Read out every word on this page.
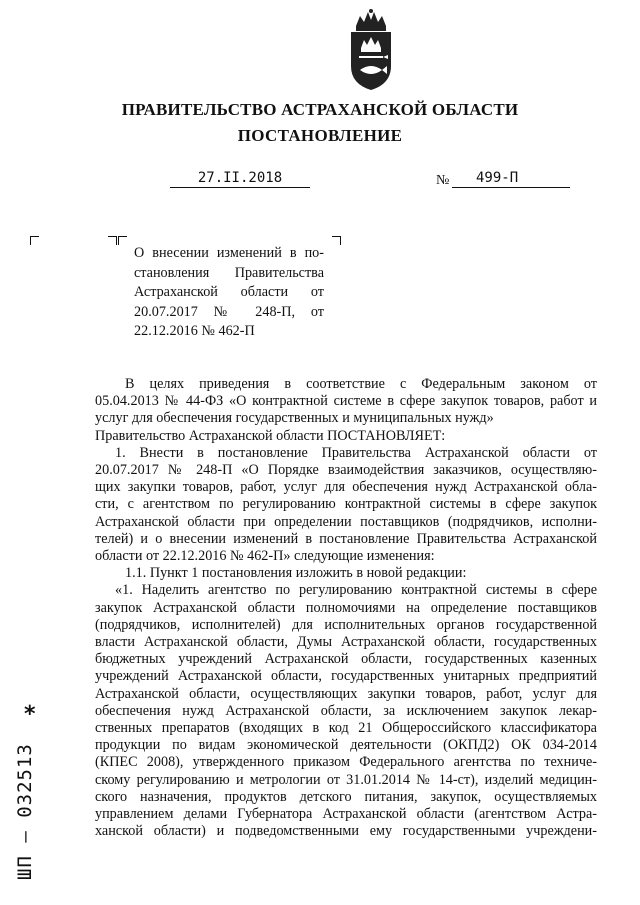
ПРАВИТЕЛЬСТВО АСТРАХАНСКОЙ ОБЛАСТИ
ПОСТАНОВЛЕНИЕ
27.II.2018	№	499-П
О внесении изменений в по-
становления Правительства
Астраханской области от
20.07.2017 № 248-П, от
22.12.2016 № 462-П
В целях приведения в соответствие с Федеральным законом от
05.04.2013 № 44-ФЗ «О контрактной системе в сфере закупок товаров, работ и
услуг для обеспечения государственных и муниципальных нужд»
Правительство Астраханской области ПОСТАНОВЛЯЕТ:
1. Внести в постановление Правительства Астраханской области от
20.07.2017 № 248-П «О Порядке взаимодействия заказчиков, осуществляю-
щих закупки товаров, работ, услуг для обеспечения нужд Астраханской обла-
сти, с агентством по регулированию контрактной системы в сфере закупок
Астраханской области при определении поставщиков (подрядчиков, исполни-
телей) и о внесении изменений в постановление Правительства Астраханской
области от 22.12.2016 № 462-П» следующие изменения:
1.1. Пункт 1 постановления изложить в новой редакции:
«1. Наделить агентство по регулированию контрактной системы в сфере
закупок Астраханской области полномочиями на определение поставщиков
(подрядчиков, исполнителей) для исполнительных органов государственной
власти Астраханской области, Думы Астраханской области, государственных
бюджетных учреждений Астраханской области, государственных казенных
учреждений Астраханской области, государственных унитарных предприятий
Астраханской области, осуществляющих закупки товаров, работ, услуг для
обеспечения нужд Астраханской области, за исключением закупок лекар-
ственных препаратов (входящих в код 21 Общероссийского классификатора
продукции по видам экономической деятельности (ОКПД2) ОК 034-2014
(КПЕС 2008), утвержденного приказом Федерального агентства по техниче-
скому регулированию и метрологии от 31.01.2014 № 14-ст), изделий медицин-
ского назначения, продуктов детского питания, закупок, осуществляемых
управлением делами Губернатора Астраханской области (агентством Астра-
ханской области) и подведомственными ему государственными учреждени-
*
ШП – 032513
